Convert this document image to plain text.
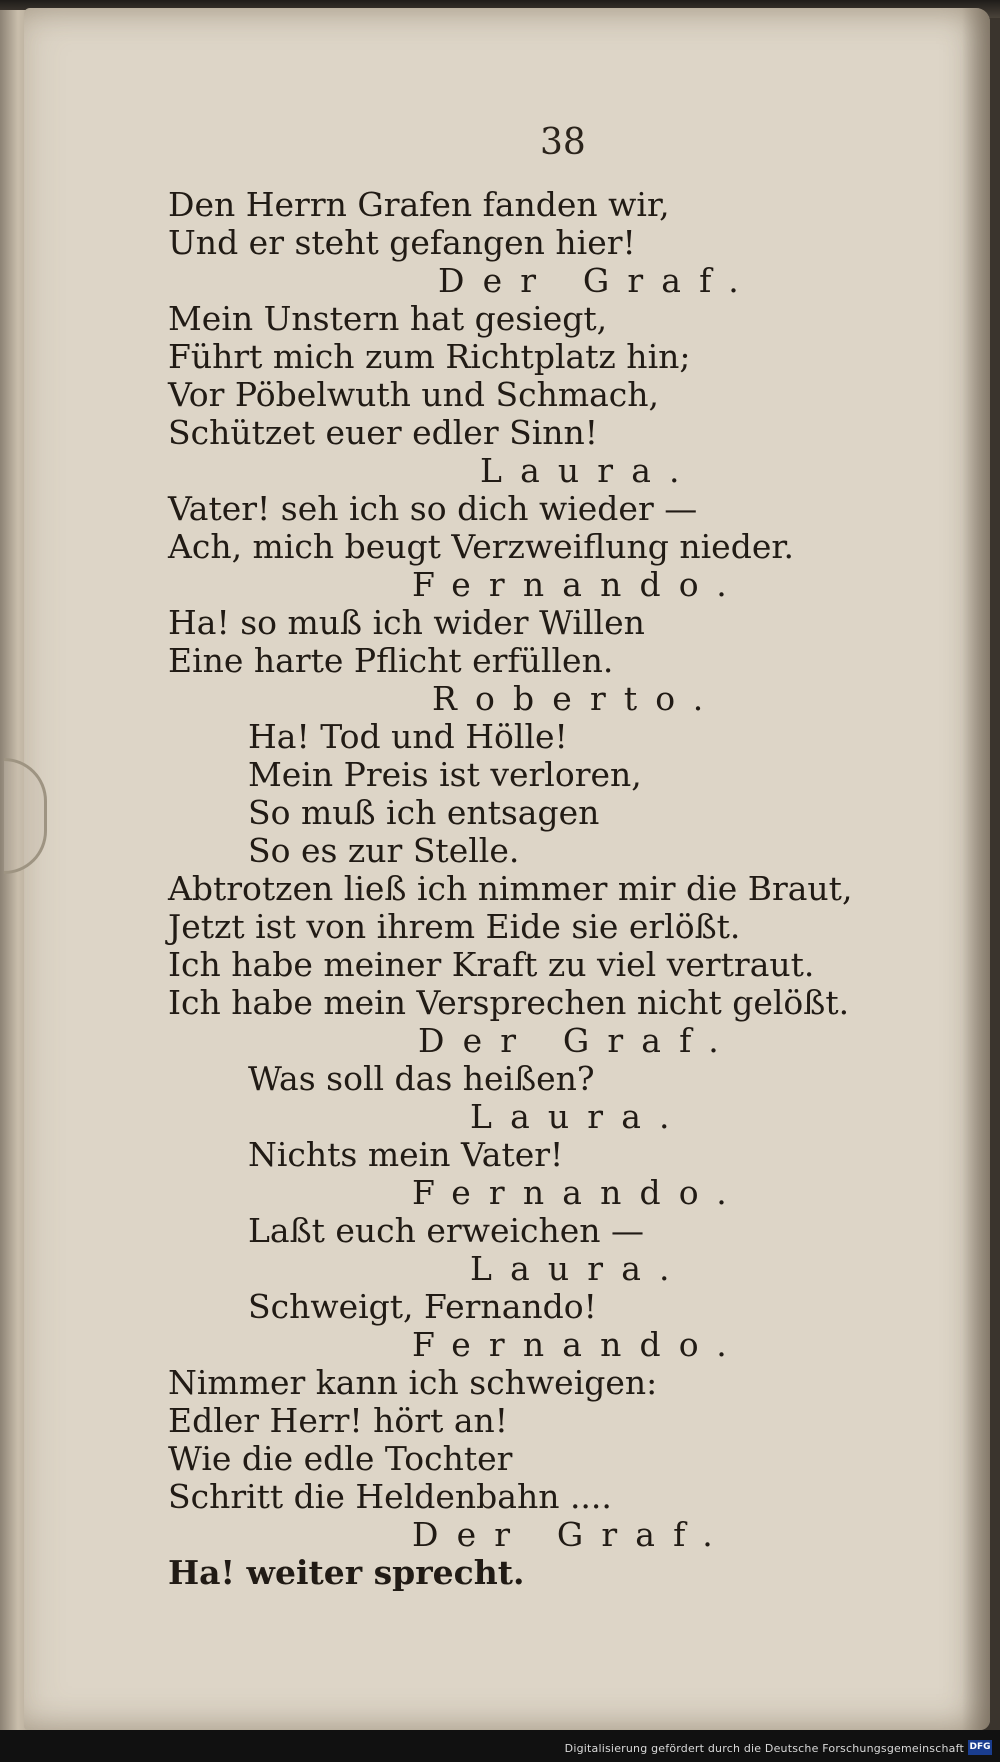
38
Den Herrn Grafen fanden wir,
Und er steht gefangen hier!
Der Graf.
Mein Unstern hat gesiegt,
Führt mich zum Richtplatz hin;
Vor Pöbelwuth und Schmach,
Schützet euer edler Sinn!
Laura.
Vater! seh ich so dich wieder —
Ach, mich beugt Verzweiflung nieder.
Fernando.
Ha! so muß ich wider Willen
Eine harte Pflicht erfüllen.
Roberto.
Ha! Tod und Hölle!
Mein Preis ist verloren,
So muß ich entsagen
So es zur Stelle.
Abtrotzen ließ ich nimmer mir die Braut,
Jetzt ist von ihrem Eide sie erlößt.
Ich habe meiner Kraft zu viel vertraut.
Ich habe mein Versprechen nicht gelößt.
Der Graf.
Was soll das heißen?
Laura.
Nichts mein Vater!
Fernando.
Laßt euch erweichen —
Laura.
Schweigt, Fernando!
Fernando.
Nimmer kann ich schweigen:
Edler Herr! hört an!
Wie die edle Tochter
Schritt die Heldenbahn ....
Der Graf.
Ha! weiter sprecht.
Digitalisierung gefördert durch die Deutsche Forschungsgemeinschaft DFG
